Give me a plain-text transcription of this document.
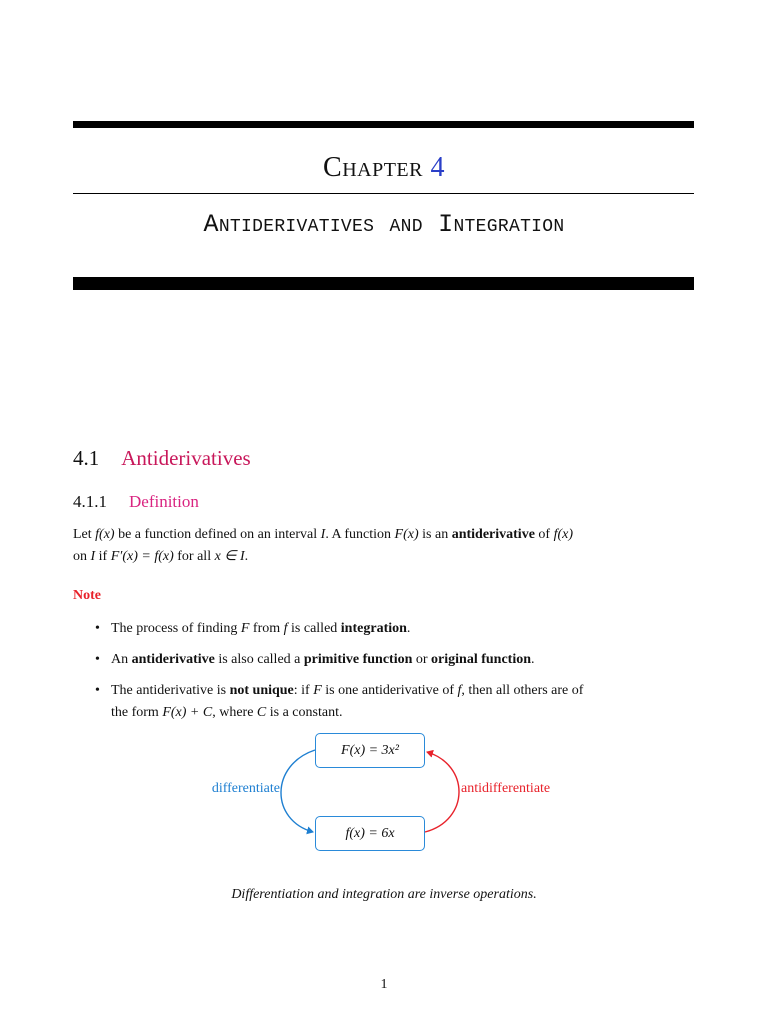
Chapter 4
Antiderivatives and Integration
4.1 Antiderivatives
4.1.1 Definition
Let f(x) be a function defined on an interval I. A function F(x) is an antiderivative of f(x)
on I if F′(x) = f(x) for all x ∈ I.
Note
• The process of finding F from f is called integration.
• An antiderivative is also called a primitive function or original function.
• The antiderivative is not unique: if F is one antiderivative of f, then all others are of
the form F(x) + C, where C is a constant.
F(x) = 3x²
f(x) = 6x
differentiate	antidifferentiate
Differentiation and integration are inverse operations.
1
